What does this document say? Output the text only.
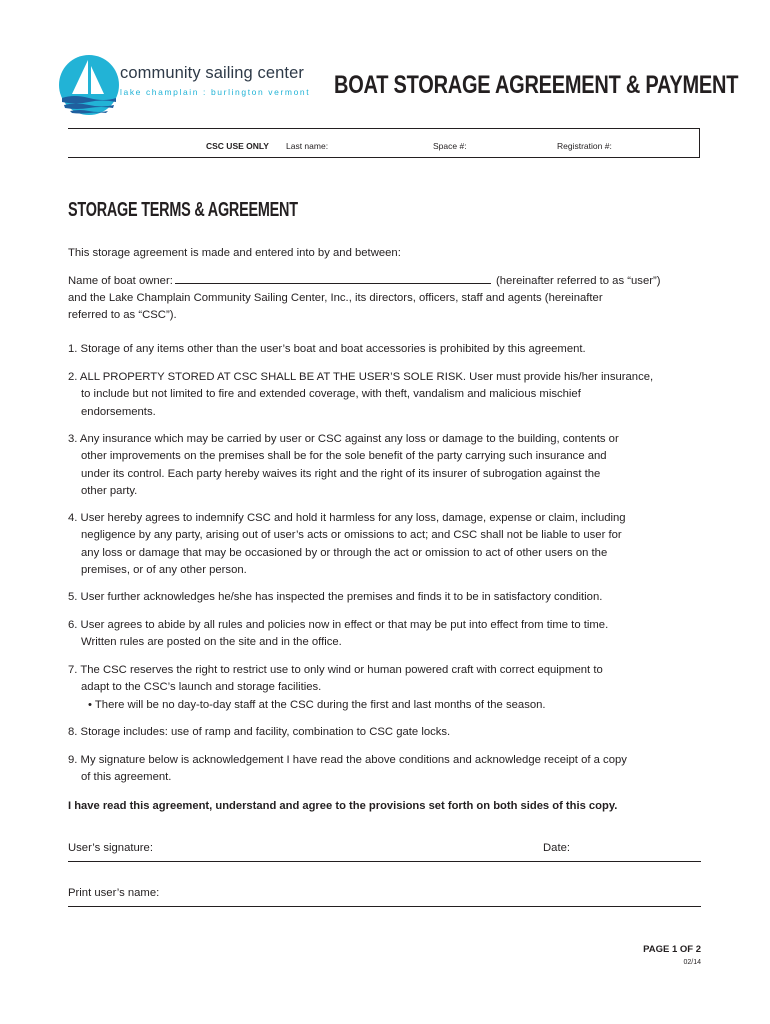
community sailing center
lake champlain : burlington vermont BOAT STORAGE AGREEMENT & PAYMENT
CSC USE ONLY Last name:	Space #:	Registration #:
STORAGE TERMS & AGREEMENT
This storage agreement is made and entered into by and between:

Name of boat owner:	(hereinafter referred to as “user”)

and the Lake Champlain Community Sailing Center, Inc., its directors, officers, staff and agents (hereinafter

referred to as “CSC”).

1. Storage of any items other than the user’s boat and boat accessories is prohibited by this agreement.
2. ALL PROPERTY STORED AT CSC SHALL BE AT THE USER’S SOLE RISK. User must provide his/her insurance,
to include but not limited to fire and extended coverage, with theft, vandalism and malicious mischief
endorsements.
3. Any insurance which may be carried by user or CSC against any loss or damage to the building, contents or
other improvements on the premises shall be for the sole benefit of the party carrying such insurance and
under its control. Each party hereby waives its right and the right of its insurer of subrogation against the
other party.
4. User hereby agrees to indemnify CSC and hold it harmless for any loss, damage, expense or claim, including
negligence by any party, arising out of user’s acts or omissions to act; and CSC shall not be liable to user for
any loss or damage that may be occasioned by or through the act or omission to act of other users on the
premises, or of any other person.
5. User further acknowledges he/she has inspected the premises and finds it to be in satisfactory condition.
6. User agrees to abide by all rules and policies now in effect or that may be put into effect from time to time.
Written rules are posted on the site and in the office.
7. The CSC reserves the right to restrict use to only wind or human powered craft with correct equipment to
adapt to the CSC’s launch and storage facilities.
• There will be no day-to-day staff at the CSC during the first and last months of the season.
8. Storage includes: use of ramp and facility, combination to CSC gate locks.
9. My signature below is acknowledgement I have read the above conditions and acknowledge receipt of a copy
of this agreement.
I have read this agreement, understand and agree to the provisions set forth on both sides of this copy.
User’s signature:	Date:
Print user’s name:
PAGE 1 OF 2
02/14
